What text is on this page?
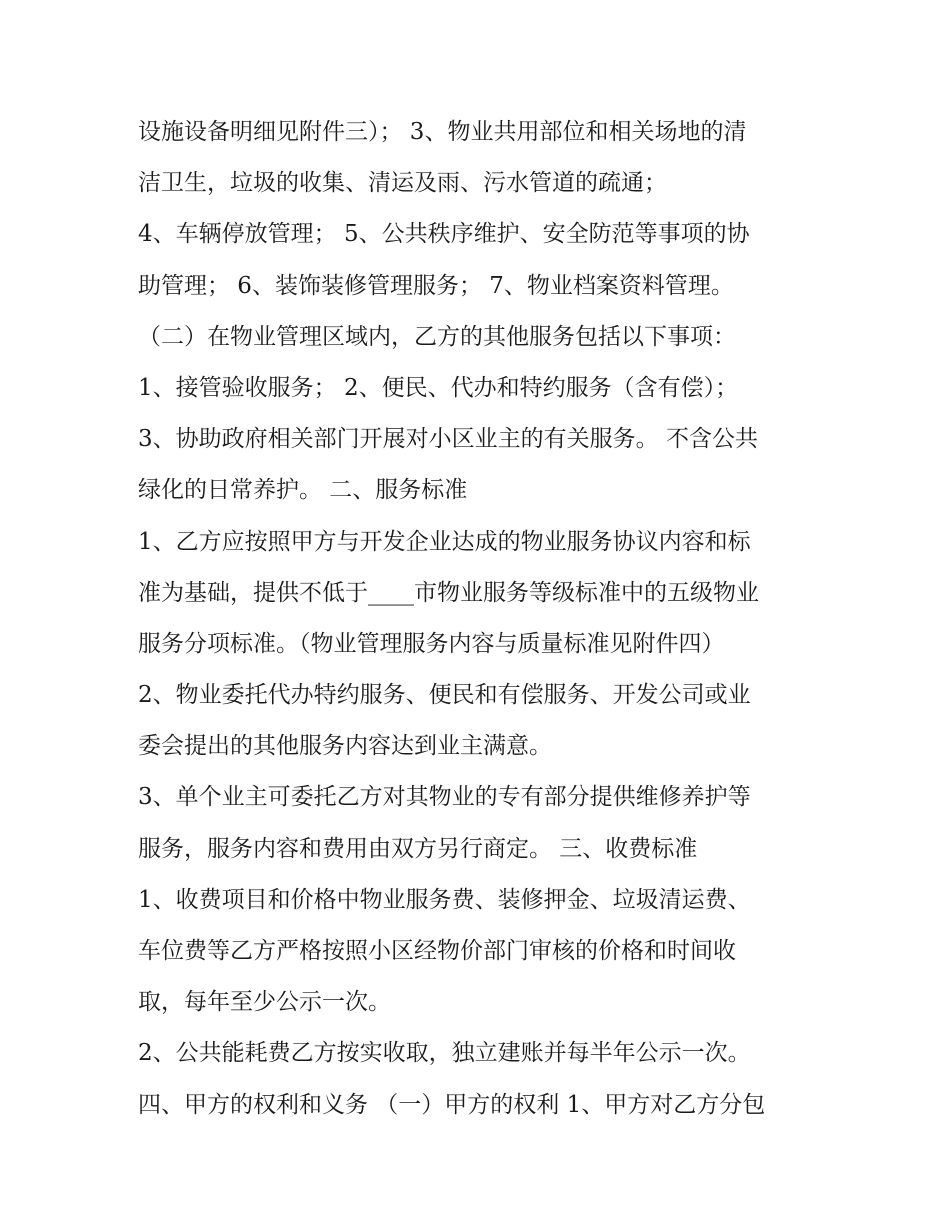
设施设备明细见附件三）； 3、物业共用部位和相关场地的清
洁卫生，垃圾的收集、清运及雨、污水管道的疏通；
4、车辆停放管理； 5、公共秩序维护、安全防范等事项的协
助管理； 6、装饰装修管理服务； 7、物业档案资料管理。
（二）在物业管理区域内，乙方的其他服务包括以下事项：
1、接管验收服务； 2、便民、代办和特约服务（含有偿）；
3、协助政府相关部门开展对小区业主的有关服务。 不含公共
绿化的日常养护。 二、服务标准
1、乙方应按照甲方与开发企业达成的物业服务协议内容和标
准为基础，提供不低于____市物业服务等级标准中的五级物业
服务分项标准。（物业管理服务内容与质量标准见附件四）
2、物业委托代办特约服务、便民和有偿服务、开发公司或业
委会提出的其他服务内容达到业主满意。
3、单个业主可委托乙方对其物业的专有部分提供维修养护等
服务，服务内容和费用由双方另行商定。 三、收费标准
1、收费项目和价格中物业服务费、装修押金、垃圾清运费、
车位费等乙方严格按照小区经物价部门审核的价格和时间收
取，每年至少公示一次。
2、公共能耗费乙方按实收取，独立建账并每半年公示一次。
四、甲方的权利和义务 （一）甲方的权利 1、甲方对乙方分包
